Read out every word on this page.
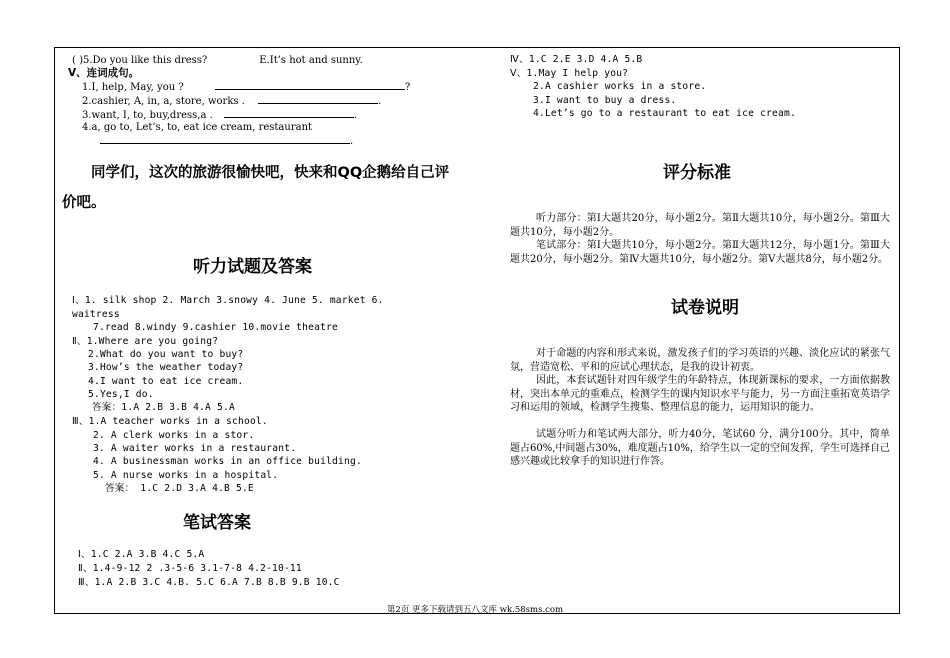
( )5.Do you like this dress?	E.It’s hot and sunny.
Ⅴ、连词成句。
1.I, help, May, you ?	?
2.cashier, A, in, a, store, works .	.
3.want, I, to, buy,dress,a .	.
4.a, go to, Let’s, to, eat ice cream, restaurant
.
同学们，这次的旅游很愉快吧，快来和QQ企鹅给自己评价吧。
听力试题及答案
Ⅰ、1. silk shop 2. March 3.snowy 4. June 5. market 6.
waitress
7.read 8.windy 9.cashier 10.movie theatre
Ⅱ、1.Where are you going?
2.What do you want to buy?
3.How’s the weather today?
4.I want to eat ice cream.
5.Yes,I do.
答案：1.A 2.B 3.B 4.A 5.A
Ⅲ、1.A teacher works in a school.
2. A clerk works in a stor.
3. A waiter works in a restaurant.
4. A businessman works in an office building.
5. A nurse works in a hospital.
答案： 1.C 2.D 3.A 4.B 5.E
笔试答案
Ⅰ、1.C 2.A 3.B 4.C 5.A
Ⅱ、1.4-9-12 2 .3-5-6 3.1-7-8 4.2-10-11
Ⅲ、1.A 2.B 3.C 4.B. 5.C 6.A 7.B 8.B 9.B 10.C
Ⅳ、1.C 2.E 3.D 4.A 5.B
Ⅴ、1.May I help you?
2.A cashier works in a store.
3.I want to buy a dress.
4.Let’s go to a restaurant to eat ice cream.
评分标准
听力部分：第Ⅰ大题共20分，每小题2分。第Ⅱ大题共10分，每小题2分。第Ⅲ大题共10分，每小题2分。
笔试部分：第Ⅰ大题共10分，每小题2分。第Ⅱ大题共12分，每小题1分。第Ⅲ大题共20分，每小题2分。第Ⅳ大题共10分，每小题2分。第Ⅴ大题共8分，每小题2分。
试卷说明
对于命题的内容和形式来说，激发孩子们的学习英语的兴趣、淡化应试的紧张气氛，营造宽松、平和的应试心理状态，是我的设计初衷。
因此，本套试题针对四年级学生的年龄特点，体现新课标的要求，一方面依据教材，突出本单元的重难点，检测学生的课内知识水平与能力，另一方面注重拓宽英语学习和运用的领域，检测学生搜集、整理信息的能力，运用知识的能力。
试题分听力和笔试两大部分，听力40分，笔试60 分，满分100分。其中，简单题占60%,中间题占30%，难度题占10%，给学生以一定的空间发挥，学生可选择自己感兴趣或比较拿手的知识进行作答。
第2页 更多下载请到五八文库 wk.58sms.com
